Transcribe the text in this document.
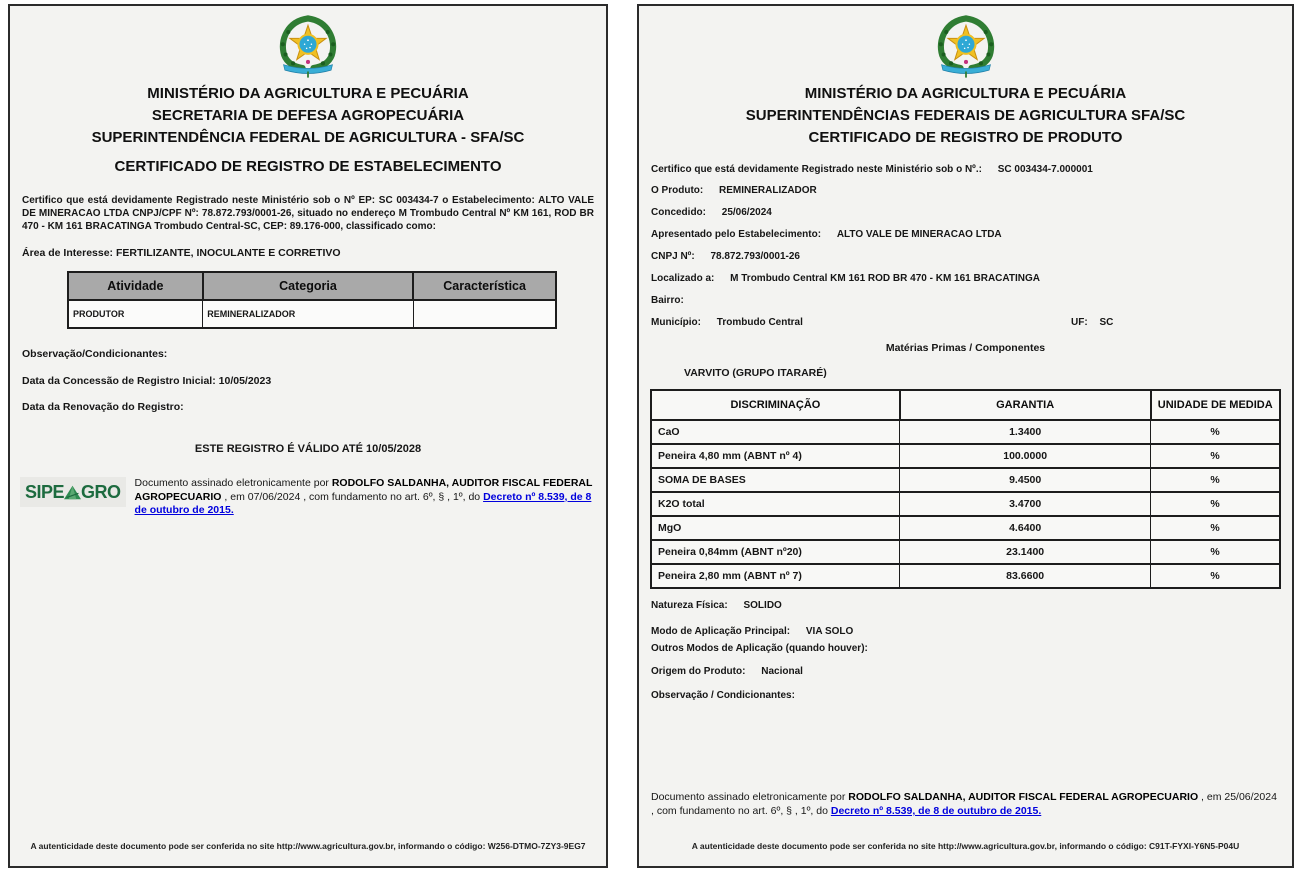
MINISTÉRIO DA AGRICULTURA E PECUÁRIA
SECRETARIA DE DEFESA AGROPECUÁRIA
SUPERINTENDÊNCIA FEDERAL DE AGRICULTURA - SFA/SC
CERTIFICADO DE REGISTRO DE ESTABELECIMENTO

Certifico que está devidamente Registrado neste Ministério sob o Nº EP: SC 003434-7 o Estabelecimento: ALTO VALE DE MINERACAO LTDA CNPJ/CPF Nº: 78.872.793/0001-26, situado no endereço M Trombudo Central Nº KM 161, ROD BR 470 - KM 161 BRACATINGA Trombudo Central-SC, CEP: 89.176-000, classificado como:

Área de Interesse: FERTILIZANTE, INOCULANTE E CORRETIVO
Atividade	Categoria	Característica
PRODUTOR	REMINERALIZADOR	
Observação/Condicionantes:
Data da Concessão de Registro Inicial: 10/05/2023
Data da Renovação do Registro:
ESTE REGISTRO É VÁLIDO ATÉ 10/05/2028
SIPE GRO Documento assinado eletronicamente por RODOLFO SALDANHA, AUDITOR FISCAL FEDERAL AGROPECUARIO , em 07/06/2024 , com fundamento no art. 6º, § , 1º, do Decreto nº 8.539, de 8 de outubro de 2015.
A autenticidade deste documento pode ser conferida no site http://www.agricultura.gov.br, informando o código: W256-DTMO-7ZY3-9EG7
MINISTÉRIO DA AGRICULTURA E PECUÁRIA
SUPERINTENDÊNCIAS FEDERAIS DE AGRICULTURA SFA/SC
CERTIFICADO DE REGISTRO DE PRODUTO
Certifico que está devidamente Registrado neste Ministério sob o Nº.: SC 003434-7.000001
O Produto: REMINERALIZADOR
Concedido: 25/06/2024
Apresentado pelo Estabelecimento: ALTO VALE DE MINERACAO LTDA
CNPJ Nº: 78.872.793/0001-26
Localizado a: M Trombudo Central KM 161 ROD BR 470 - KM 161 BRACATINGA
Bairro:
Município: Trombudo Central	UF: SC
Matérias Primas / Componentes
VARVITO (GRUPO ITARARÉ)
DISCRIMINAÇÃO	GARANTIA	UNIDADE DE MEDIDA
CaO	1.3400	%
Peneira 4,80 mm (ABNT nº 4)	100.0000	%
SOMA DE BASES	9.4500	%
K2O total	3.4700	%
MgO	4.6400	%
Peneira 0,84mm (ABNT nº20)	23.1400	%
Peneira 2,80 mm (ABNT nº 7)	83.6600	%
Natureza Física: SOLIDO
Modo de Aplicação Principal: VIA SOLO
Outros Modos de Aplicação (quando houver):
Origem do Produto: Nacional
Observação / Condicionantes:
Documento assinado eletronicamente por RODOLFO SALDANHA, AUDITOR FISCAL FEDERAL AGROPECUARIO , em 25/06/2024 , com fundamento no art. 6º, § , 1º, do Decreto nº 8.539, de 8 de outubro de 2015.
A autenticidade deste documento pode ser conferida no site http://www.agricultura.gov.br, informando o código: C91T-FYXI-Y6N5-P04U
